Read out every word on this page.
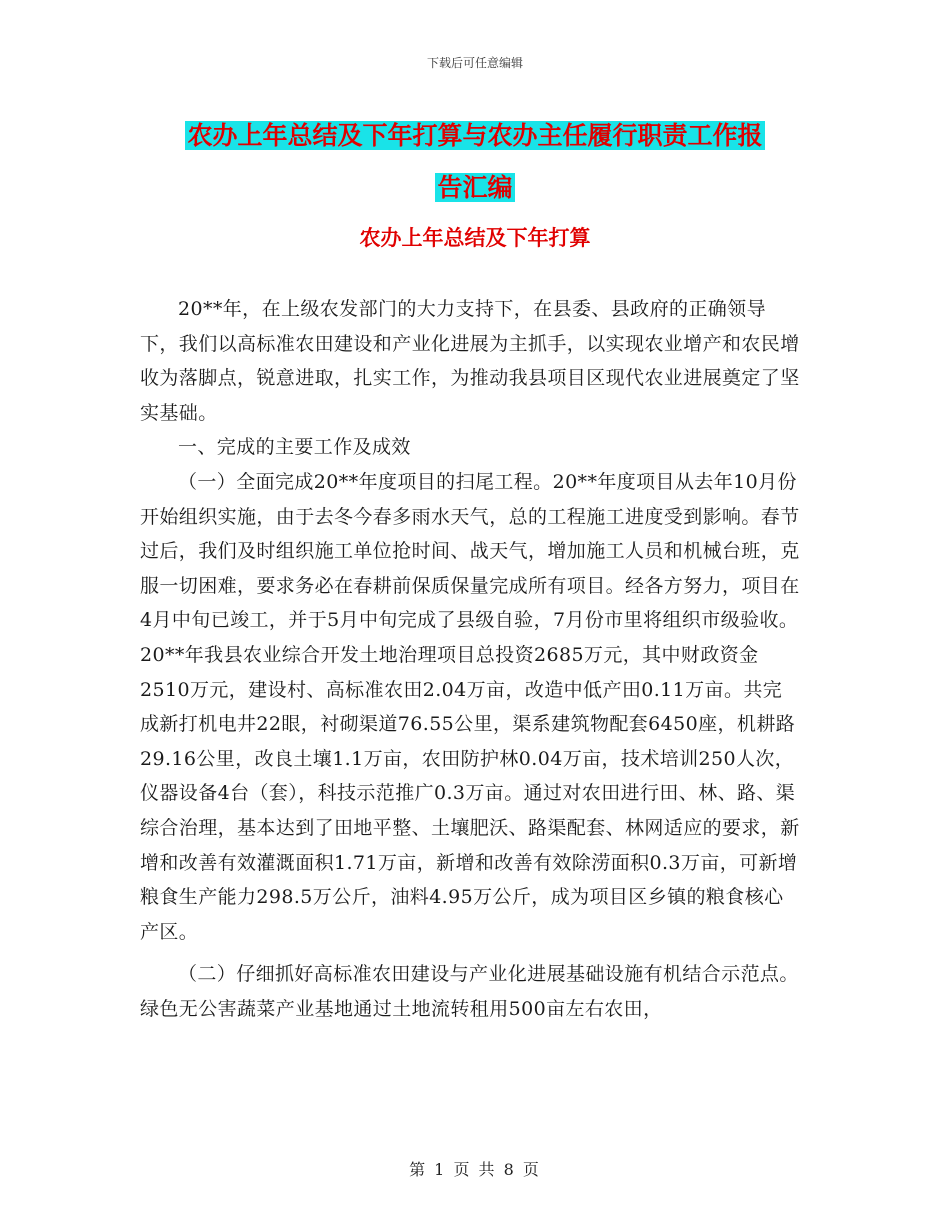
下载后可任意编辑
农办上年总结及下年打算与农办主任履行职责工作报
告汇编
农办上年总结及下年打算

20**年，在上级农发部门的大力支持下，在县委、县政府的正确领导下，我们以高标准农田建设和产业化进展为主抓手，以实现农业增产和农民增收为落脚点，锐意进取，扎实工作，为推动我县项目区现代农业进展奠定了坚实基础。

一、完成的主要工作及成效

（一）全面完成20**年度项目的扫尾工程。20**年度项目从去年10月份开始组织实施，由于去冬今春多雨水天气，总的工程施工进度受到影响。春节过后，我们及时组织施工单位抢时间、战天气，增加施工人员和机械台班，克服一切困难，要求务必在春耕前保质保量完成所有项目。经各方努力，项目在4月中旬已竣工，并于5月中旬完成了县级自验，7月份市里将组织市级验收。20**年我县农业综合开发土地治理项目总投资2685万元，其中财政资金2510万元，建设村、高标准农田2.04万亩，改造中低产田0.11万亩。共完成新打机电井22眼，衬砌渠道76.55公里，渠系建筑物配套6450座，机耕路29.16公里，改良土壤1.1万亩，农田防护林0.04万亩，技术培训250人次，仪器设备4台（套），科技示范推广0.3万亩。通过对农田进行田、林、路、渠综合治理，基本达到了田地平整、土壤肥沃、路渠配套、林网适应的要求，新增和改善有效灌溉面积1.71万亩，新增和改善有效除涝面积0.3万亩，可新增粮食生产能力298.5万公斤，油料4.95万公斤，成为项目区乡镇的粮食核心产区。

（二）仔细抓好高标准农田建设与产业化进展基础设施有机结合示范点。绿色无公害蔬菜产业基地通过土地流转租用500亩左右农田，

第 1 页 共 8 页
